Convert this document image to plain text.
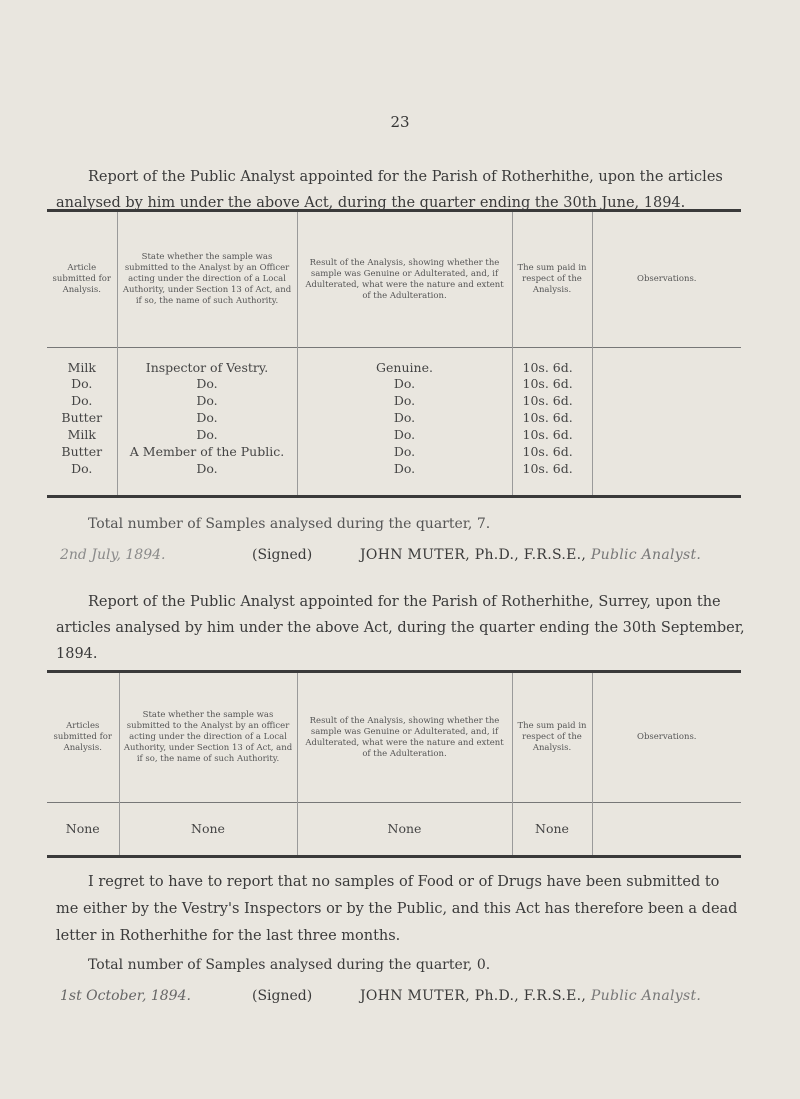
23

Report of the Public Analyst appointed for the Parish of Rotherhithe, upon the articles analysed by him under the above Act, during the quarter ending the 30th June, 1894.

Article submitted for Analysis.	State whether the sample was submitted to the Analyst by an Officer acting under the direction of a Local Authority, under Section 13 of Act, and if so, the name of such Authority.	Result of the Analysis, showing whether the sample was Genuine or Adulterated, and, if Adulterated, what were the nature and extent of the Adulteration.	The sum paid in respect of the Analysis.	Observations.
Milk	Inspector of Vestry.	Genuine.	10s. 6d.	
Do.	Do.	Do.	10s. 6d.	
Do.	Do.	Do.	10s. 6d.	
Butter	Do.	Do.	10s. 6d.	
Milk	Do.	Do.	10s. 6d.	
Butter	A Member of the Public.	Do.	10s. 6d.	
Do.	Do.	Do.	10s. 6d.	
Total number of Samples analysed during the quarter, 7.
2nd July, 1894.	(Signed)	JOHN MUTER, Ph.D., F.R.S.E., Public Analyst.

Report of the Public Analyst appointed for the Parish of Rotherhithe, Surrey, upon the articles analysed by him under the above Act, during the quarter ending the 30th September, 1894.

Articles submitted for Analysis.	State whether the sample was submitted to the Analyst by an officer acting under the direction of a Local Authority, under Section 13 of Act, and if so, the name of such Authority.	Result of the Analysis, showing whether the sample was Genuine or Adulterated, and, if Adulterated, what were the nature and extent of the Adulteration.	The sum paid in respect of the Analysis.	Observations.
None	None	None	None	

I regret to have to report that no samples of Food or of Drugs have been submitted to me either by the Vestry's Inspectors or by the Public, and this Act has therefore been a dead letter in Rotherhithe for the last three months.

Total number of Samples analysed during the quarter, 0.
1st October, 1894.	(Signed)	JOHN MUTER, Ph.D., F.R.S.E., Public Analyst.
